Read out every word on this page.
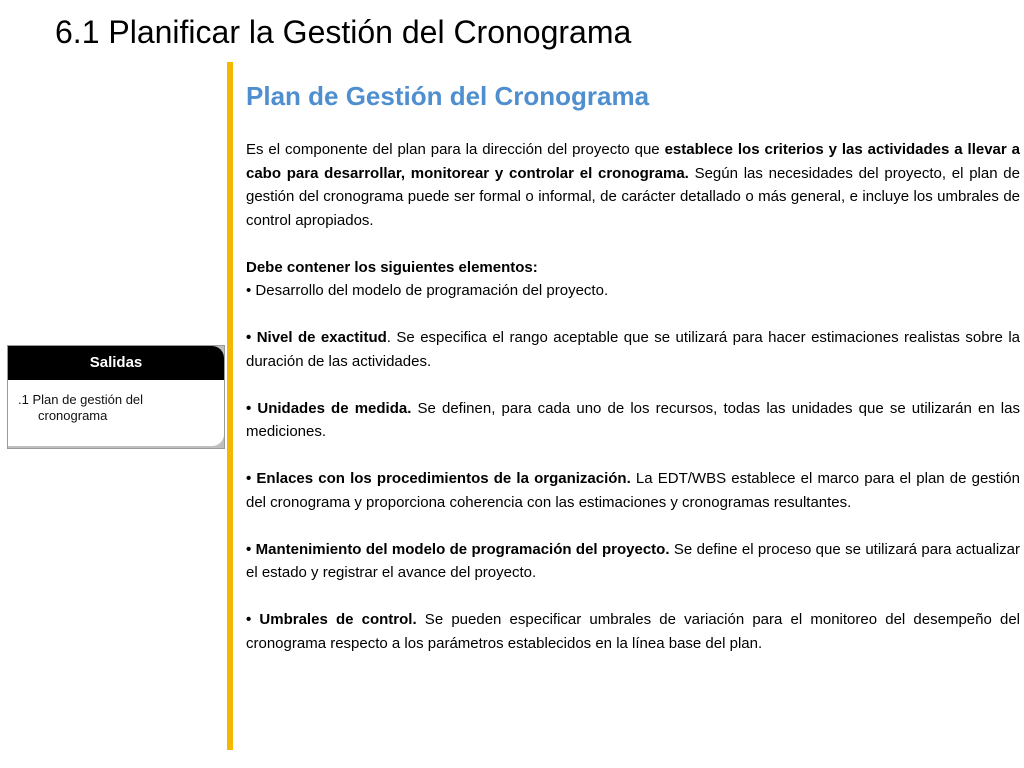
6.1 Planificar la Gestión del Cronograma
Salidas
.1 Plan de gestión del
cronograma
Plan de Gestión del Cronograma

Es el componente del plan para la dirección del proyecto que establece los criterios y las actividades a llevar a cabo para desarrollar, monitorear y controlar el cronograma. Según las necesidades del proyecto, el plan de gestión del cronograma puede ser formal o informal, de carácter detallado o más general, e incluye los umbrales de control apropiados.

Debe contener los siguientes elementos:

• Desarrollo del modelo de programación del proyecto.

• Nivel de exactitud. Se especifica el rango aceptable que se utilizará para hacer estimaciones realistas sobre la duración de las actividades.

• Unidades de medida. Se definen, para cada uno de los recursos, todas las unidades que se utilizarán en las mediciones.

• Enlaces con los procedimientos de la organización. La EDT/WBS establece el marco para el plan de gestión del cronograma y proporciona coherencia con las estimaciones y cronogramas resultantes.

• Mantenimiento del modelo de programación del proyecto. Se define el proceso que se utilizará para actualizar el estado y registrar el avance del proyecto.

• Umbrales de control. Se pueden especificar umbrales de variación para el monitoreo del desempeño del cronograma respecto a los parámetros establecidos en la línea base del plan.
